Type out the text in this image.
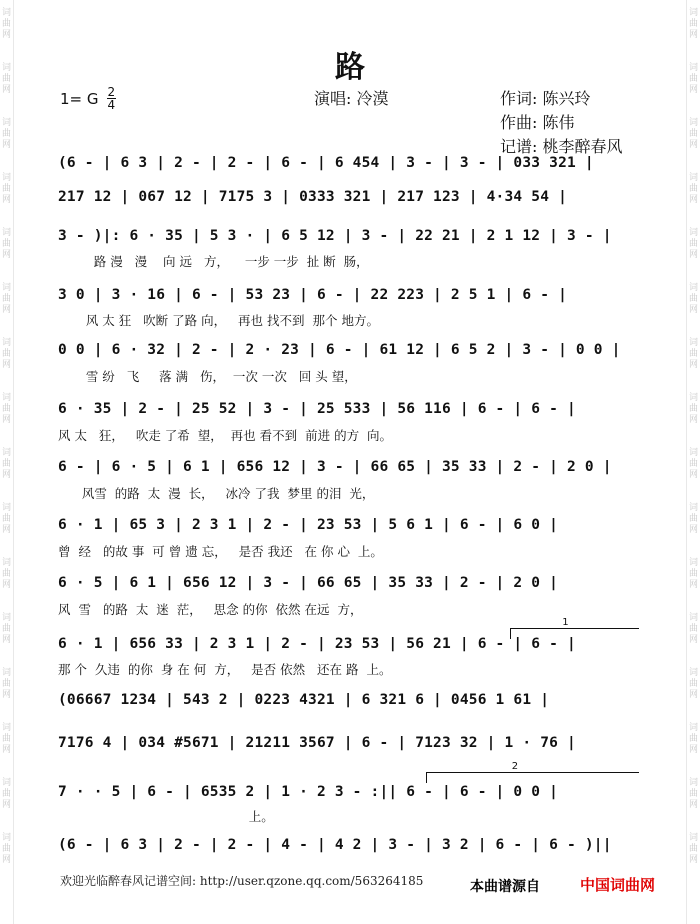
词
曲
网
词
曲
网
词
曲
网
词
曲
网
词
曲
网
词
曲
网
词
曲
网
词
曲
网
词
曲
网
词
曲
网
词
曲
网
词
曲
网
词
曲
网
词
曲
网
词
曲
网
词
曲
网
词
曲
网
词
曲
网
词
曲
网
词
曲
网
词
曲
网
词
曲
网
词
曲
网
词
曲
网
词
曲
网
词
曲
网
词
曲
网
词
曲
网
词
曲
网
词
曲
网
词
曲
网
词
曲
网
路
1= G $\frac{2}{4}$	演唱: 冷漠	作词: 陈兴玲
作曲: 陈伟
记谱: 桃李醉春风
(6 - | 6 3 | 2 - | 2 - | 6 - | 6 454 | 3 - | 3 - | 033 321 |
217 12 | 067 12 | 7175 3 | 0333 321 | 217 123 | 4·34 54 |
3 - )|: 6 · 35 | 5 3 · | 6 5 12 | 3 - | 22 21 | 2 1 12 | 3 - |
路 漫   漫    向 远   方，    一步 一步  扯 断  肠，
3 0 | 3 · 16 | 6 - | 53 23 | 6 - | 22 223 | 2 5 1 | 6 - |
风 太 狂   吹断 了路 向，   再也 找不到  那个 地方。
0 0 | 6 · 32 | 2 - | 2 · 23 | 6 - | 61 12 | 6 5 2 | 3 - | 0 0 |
雪 纷   飞     落 满   伤，  一次 一次   回 头 望，
6 · 35 | 2 - | 25 52 | 3 - | 25 533 | 56 116 | 6 - | 6 - |
风 太   狂，   吹走 了希  望，  再也 看不到  前进 的方  向。
6 - | 6 · 5 | 6 1 | 656 12 | 3 - | 66 65 | 35 33 | 2 - | 2 0 |
风雪  的路  太  漫  长，   冰冷 了我  梦里 的泪  光，
6 · 1 | 65 3 | 2 3 1 | 2 - | 23 53 | 5 6 1 | 6 - | 6 0 |
曾  经   的故 事  可 曾 遗 忘，   是否 我还   在 你 心  上。
6 · 5 | 6 1 | 656 12 | 3 - | 66 65 | 35 33 | 2 - | 2 0 |
风  雪   的路  太  迷  茫，   思念 的你  依然 在远  方，
1
6 · 1 | 656 33 | 2 3 1 | 2 - | 23 53 | 56 21 | 6 - | 6 - |
那 个  久违  的你  身 在 何  方，   是否 依然   还在 路  上。
(06667 1234 | 543 2 | 0223 4321 | 6 321 6 | 0456 1 61 |
7176 4 | 034 #5671 | 21211 3567 | 6 - | 7123 32 | 1 · 76 |
2
7 · · 5 | 6 - | 6535 2 | 1 · 2 3 - :|| 6 - | 6 - | 0 0 |
上。
(6 - | 6 3 | 2 - | 2 - | 4 - | 4 2 | 3 - | 3 2 | 6 - | 6 - )||
欢迎光临醉春风记谱空间: http://user.qzone.qq.com/563264185	本曲谱源自	中国词曲网
